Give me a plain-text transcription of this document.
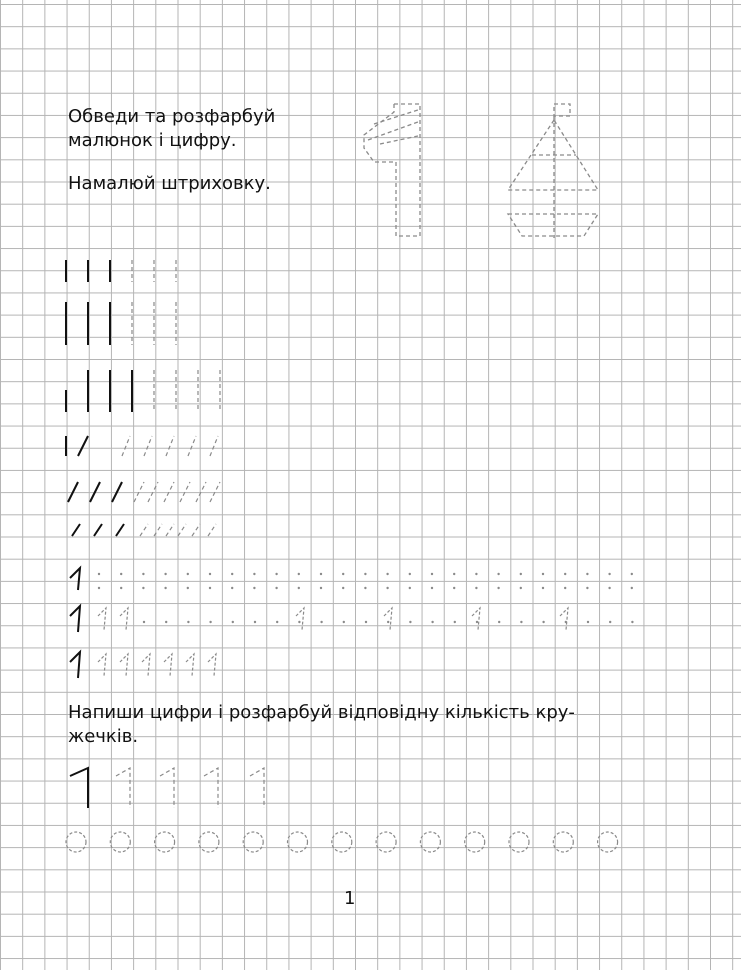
Обведи та розфарбуй

малюнок і цифру.

Намалюй штриховку.

Напиши цифри і розфарбуй відповідну кількість кру-

жечків.

1
